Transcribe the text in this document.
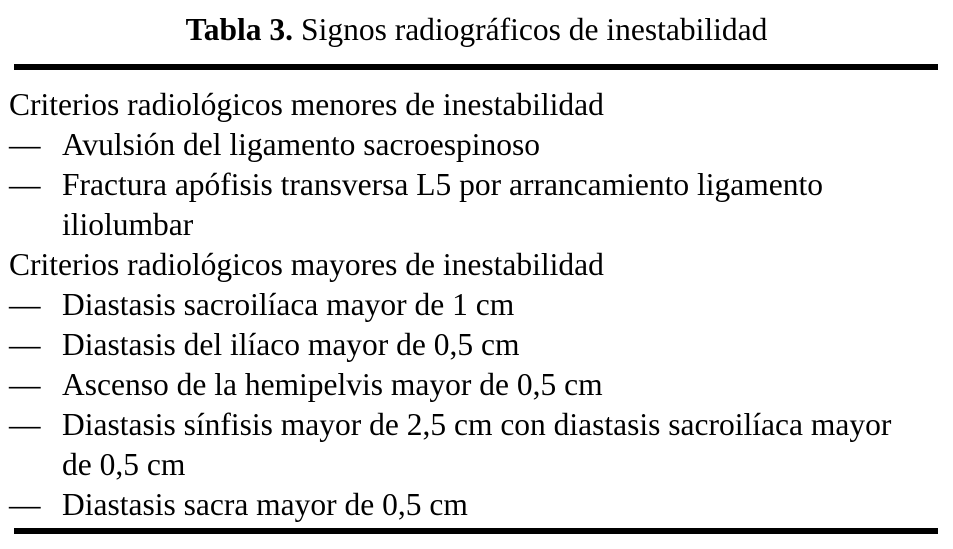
Tabla 3. Signos radiográficos de inestabilidad
Criterios radiológicos menores de inestabilidad
— Avulsión del ligamento sacroespinoso
— Fractura apófisis transversa L5 por arrancamiento ligamento iliolumbar
Criterios radiológicos mayores de inestabilidad
— Diastasis sacroilíaca mayor de 1 cm
— Diastasis del ilíaco mayor de 0,5 cm
— Ascenso de la hemipelvis mayor de 0,5 cm
— Diastasis sínfisis mayor de 2,5 cm con diastasis sacroilíaca mayor de 0,5 cm
— Diastasis sacra mayor de 0,5 cm
